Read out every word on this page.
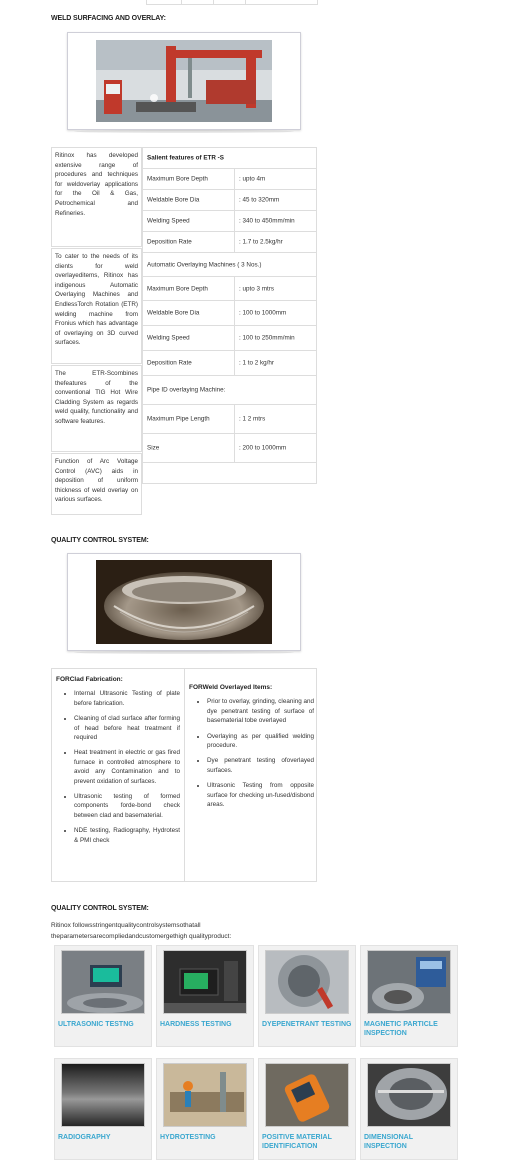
WELD SURFACING AND OVERLAY:
Ritinox has developed extensive range of procedures and techniques for weldoverlay applications for the Oil & Gas, Petrochemical and Refineries.
To cater to the needs of its clients for weld overlayeditems, Ritinox has indigenous Automatic Overlaying Machines and EndlessTorch Rotation (ETR) welding machine from Fronius which has advantage of overlaying on 3D curved surfaces.
The ETR-Scombines thefeatures of the conventional TIG Hot Wire Cladding System as regards weld quality, functionality and software features.
Function of Arc Voltage Control (AVC) aids in deposition of uniform thickness of weld overlay on various surfaces.
Salient features of ETR -S
Maximum Bore Depth	: upto 4m
Weldable Bore Dia	: 45 to 320mm
Welding Speed	: 340 to 450mm/min
Deposition Rate	: 1.7 to 2.5kg/hr
Automatic Overlaying Machines ( 3 Nos.)
Maximum Bore Depth	: upto 3 mtrs
Weldable Bore Dia	: 100 to 1000mm
Welding Speed	: 100 to 250mm/min
Deposition Rate	: 1 to 2 kg/hr
Pipe ID overlaying Machine:
Maximum Pipe Length	: 1 2 mtrs
Size	: 200 to 1000mm
QUALITY CONTROL SYSTEM:
FORClad Fabrication:
• Internal Ultrasonic Testing of plate before fabrication.
• Cleaning of clad surface after forming of head before heat treatment if required
• Heat treatment in electric or gas fired furnace in controlled atmosphere to avoid any Contamination and to prevent oxidation of surfaces.
• Ultrasonic testing of formed components forde-bond check between clad and basematerial.
• NDE testing, Radiography, Hydrotest & PMI check
FORWeld Overlayed Items:
• Prior to overlay, grinding, cleaning and dye penetrant testing of surface of basematerial tobe overlayed
• Overlaying as per qualified welding procedure.
• Dye penetrant testing ofoverlayed surfaces.
• Ultrasonic Testing from opposite surface for checking un-fused/disbond areas.
QUALITY CONTROL SYSTEM:
Ritinox followsstringentqualitycontrolsystemsothatall
theparametersarecompliedandcustomergethigh qualityproduct:
ULTRASONIC TESTNG	HARDNESS TESTING	DYEPENETRANT TESTING MAGNETIC PARTICLE INSPECTION
RADIOGRAPHY	HYDROTESTING	POSITIVE MATERIAL IDENTIFICATION
DIMENSIONAL INSPECTION
